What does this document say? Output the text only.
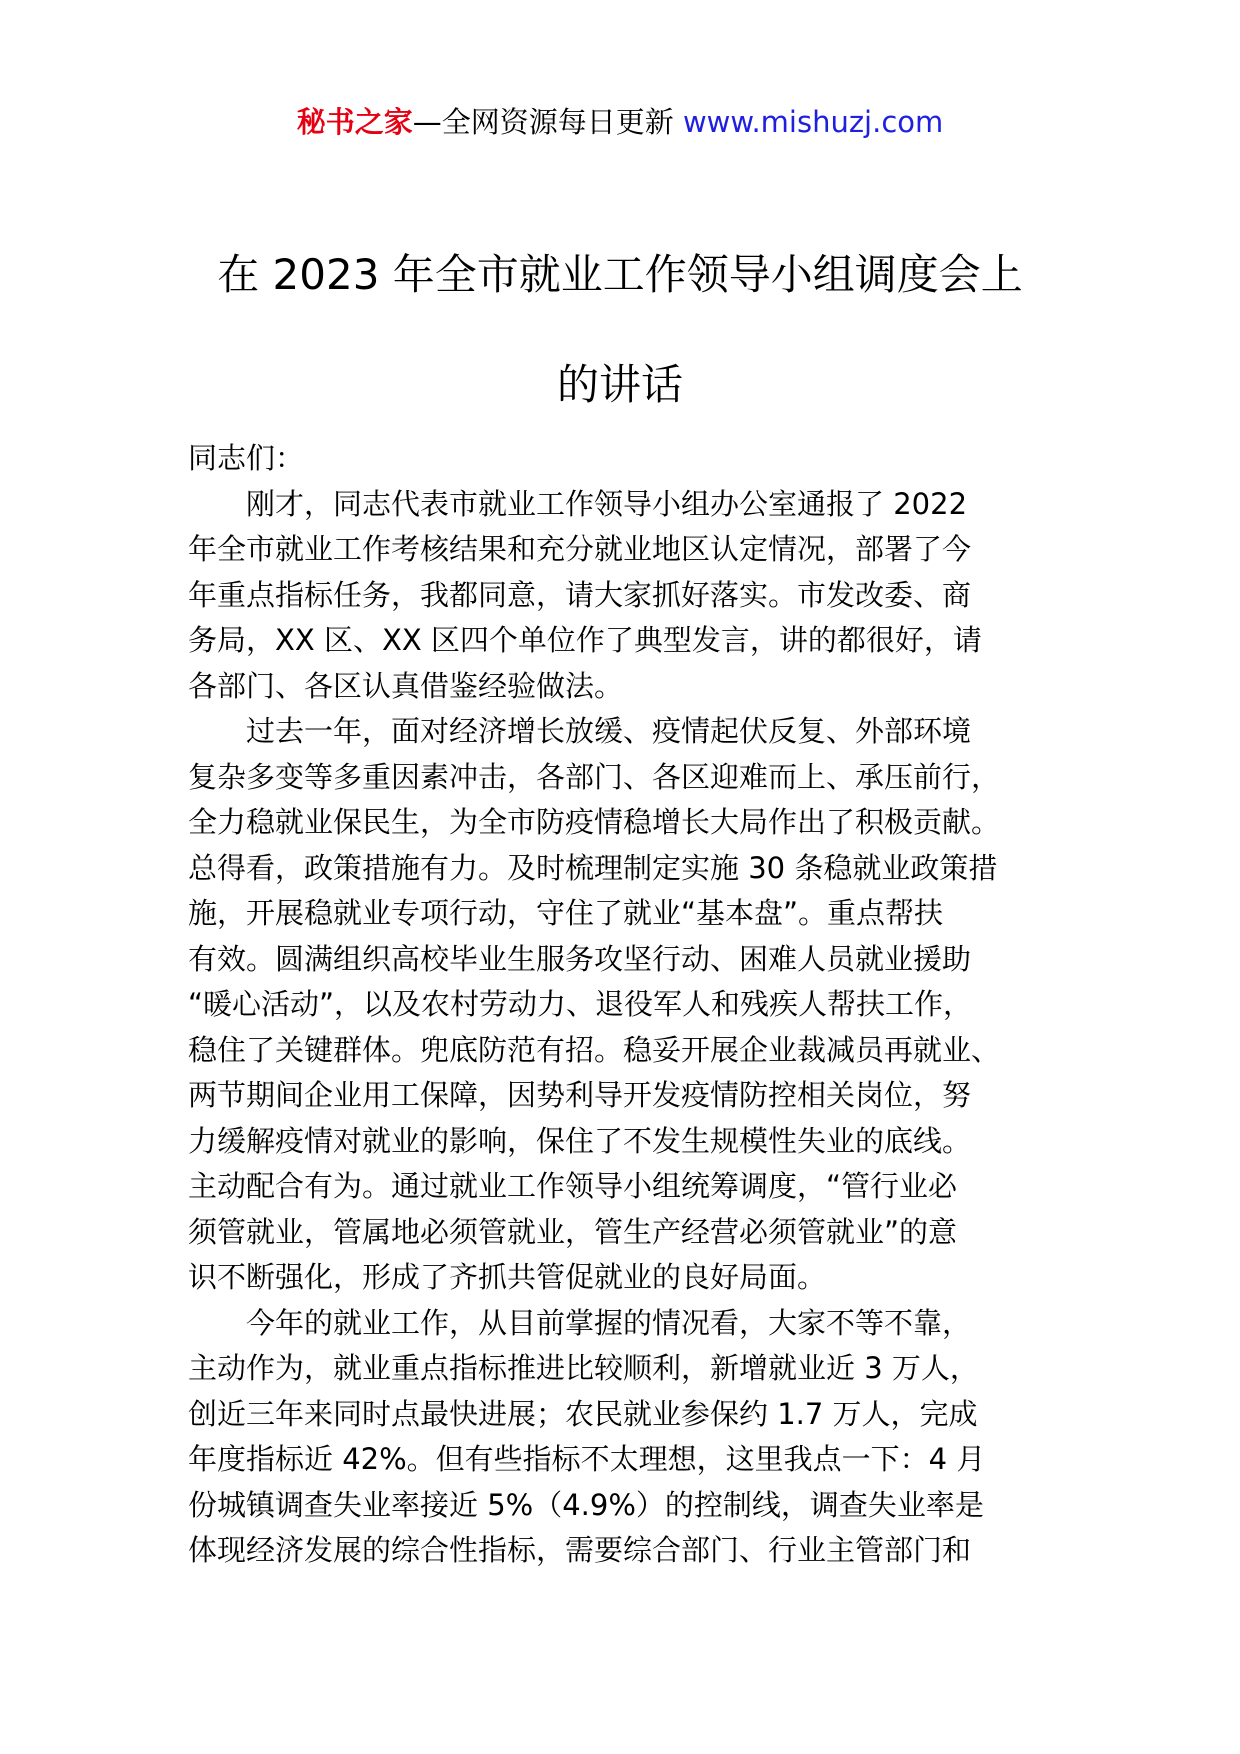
秘书之家—全网资源每日更新 www.mishuzj.com
在 2023 年全市就业工作领导小组调度会上
的讲话
同志们：
刚才，同志代表市就业工作领导小组办公室通报了 2022
年全市就业工作考核结果和充分就业地区认定情况，部署了今
年重点指标任务，我都同意，请大家抓好落实。市发改委、商
务局，XX 区、XX 区四个单位作了典型发言，讲的都很好，请
各部门、各区认真借鉴经验做法。
过去一年，面对经济增长放缓、疫情起伏反复、外部环境
复杂多变等多重因素冲击，各部门、各区迎难而上、承压前行，
全力稳就业保民生，为全市防疫情稳增长大局作出了积极贡献。
总得看，政策措施有力。及时梳理制定实施 30 条稳就业政策措
施，开展稳就业专项行动，守住了就业“基本盘”。重点帮扶
有效。圆满组织高校毕业生服务攻坚行动、困难人员就业援助
“暖心活动”，以及农村劳动力、退役军人和残疾人帮扶工作，
稳住了关键群体。兜底防范有招。稳妥开展企业裁减员再就业、
两节期间企业用工保障，因势利导开发疫情防控相关岗位，努
力缓解疫情对就业的影响，保住了不发生规模性失业的底线。
主动配合有为。通过就业工作领导小组统筹调度，“管行业必
须管就业，管属地必须管就业，管生产经营必须管就业”的意
识不断强化，形成了齐抓共管促就业的良好局面。
今年的就业工作，从目前掌握的情况看，大家不等不靠，
主动作为，就业重点指标推进比较顺利，新增就业近 3 万人，
创近三年来同时点最快进展；农民就业参保约 1.7 万人，完成
年度指标近 42%。但有些指标不太理想，这里我点一下：4 月
份城镇调查失业率接近 5%（4.9%）的控制线，调查失业率是
体现经济发展的综合性指标，需要综合部门、行业主管部门和
